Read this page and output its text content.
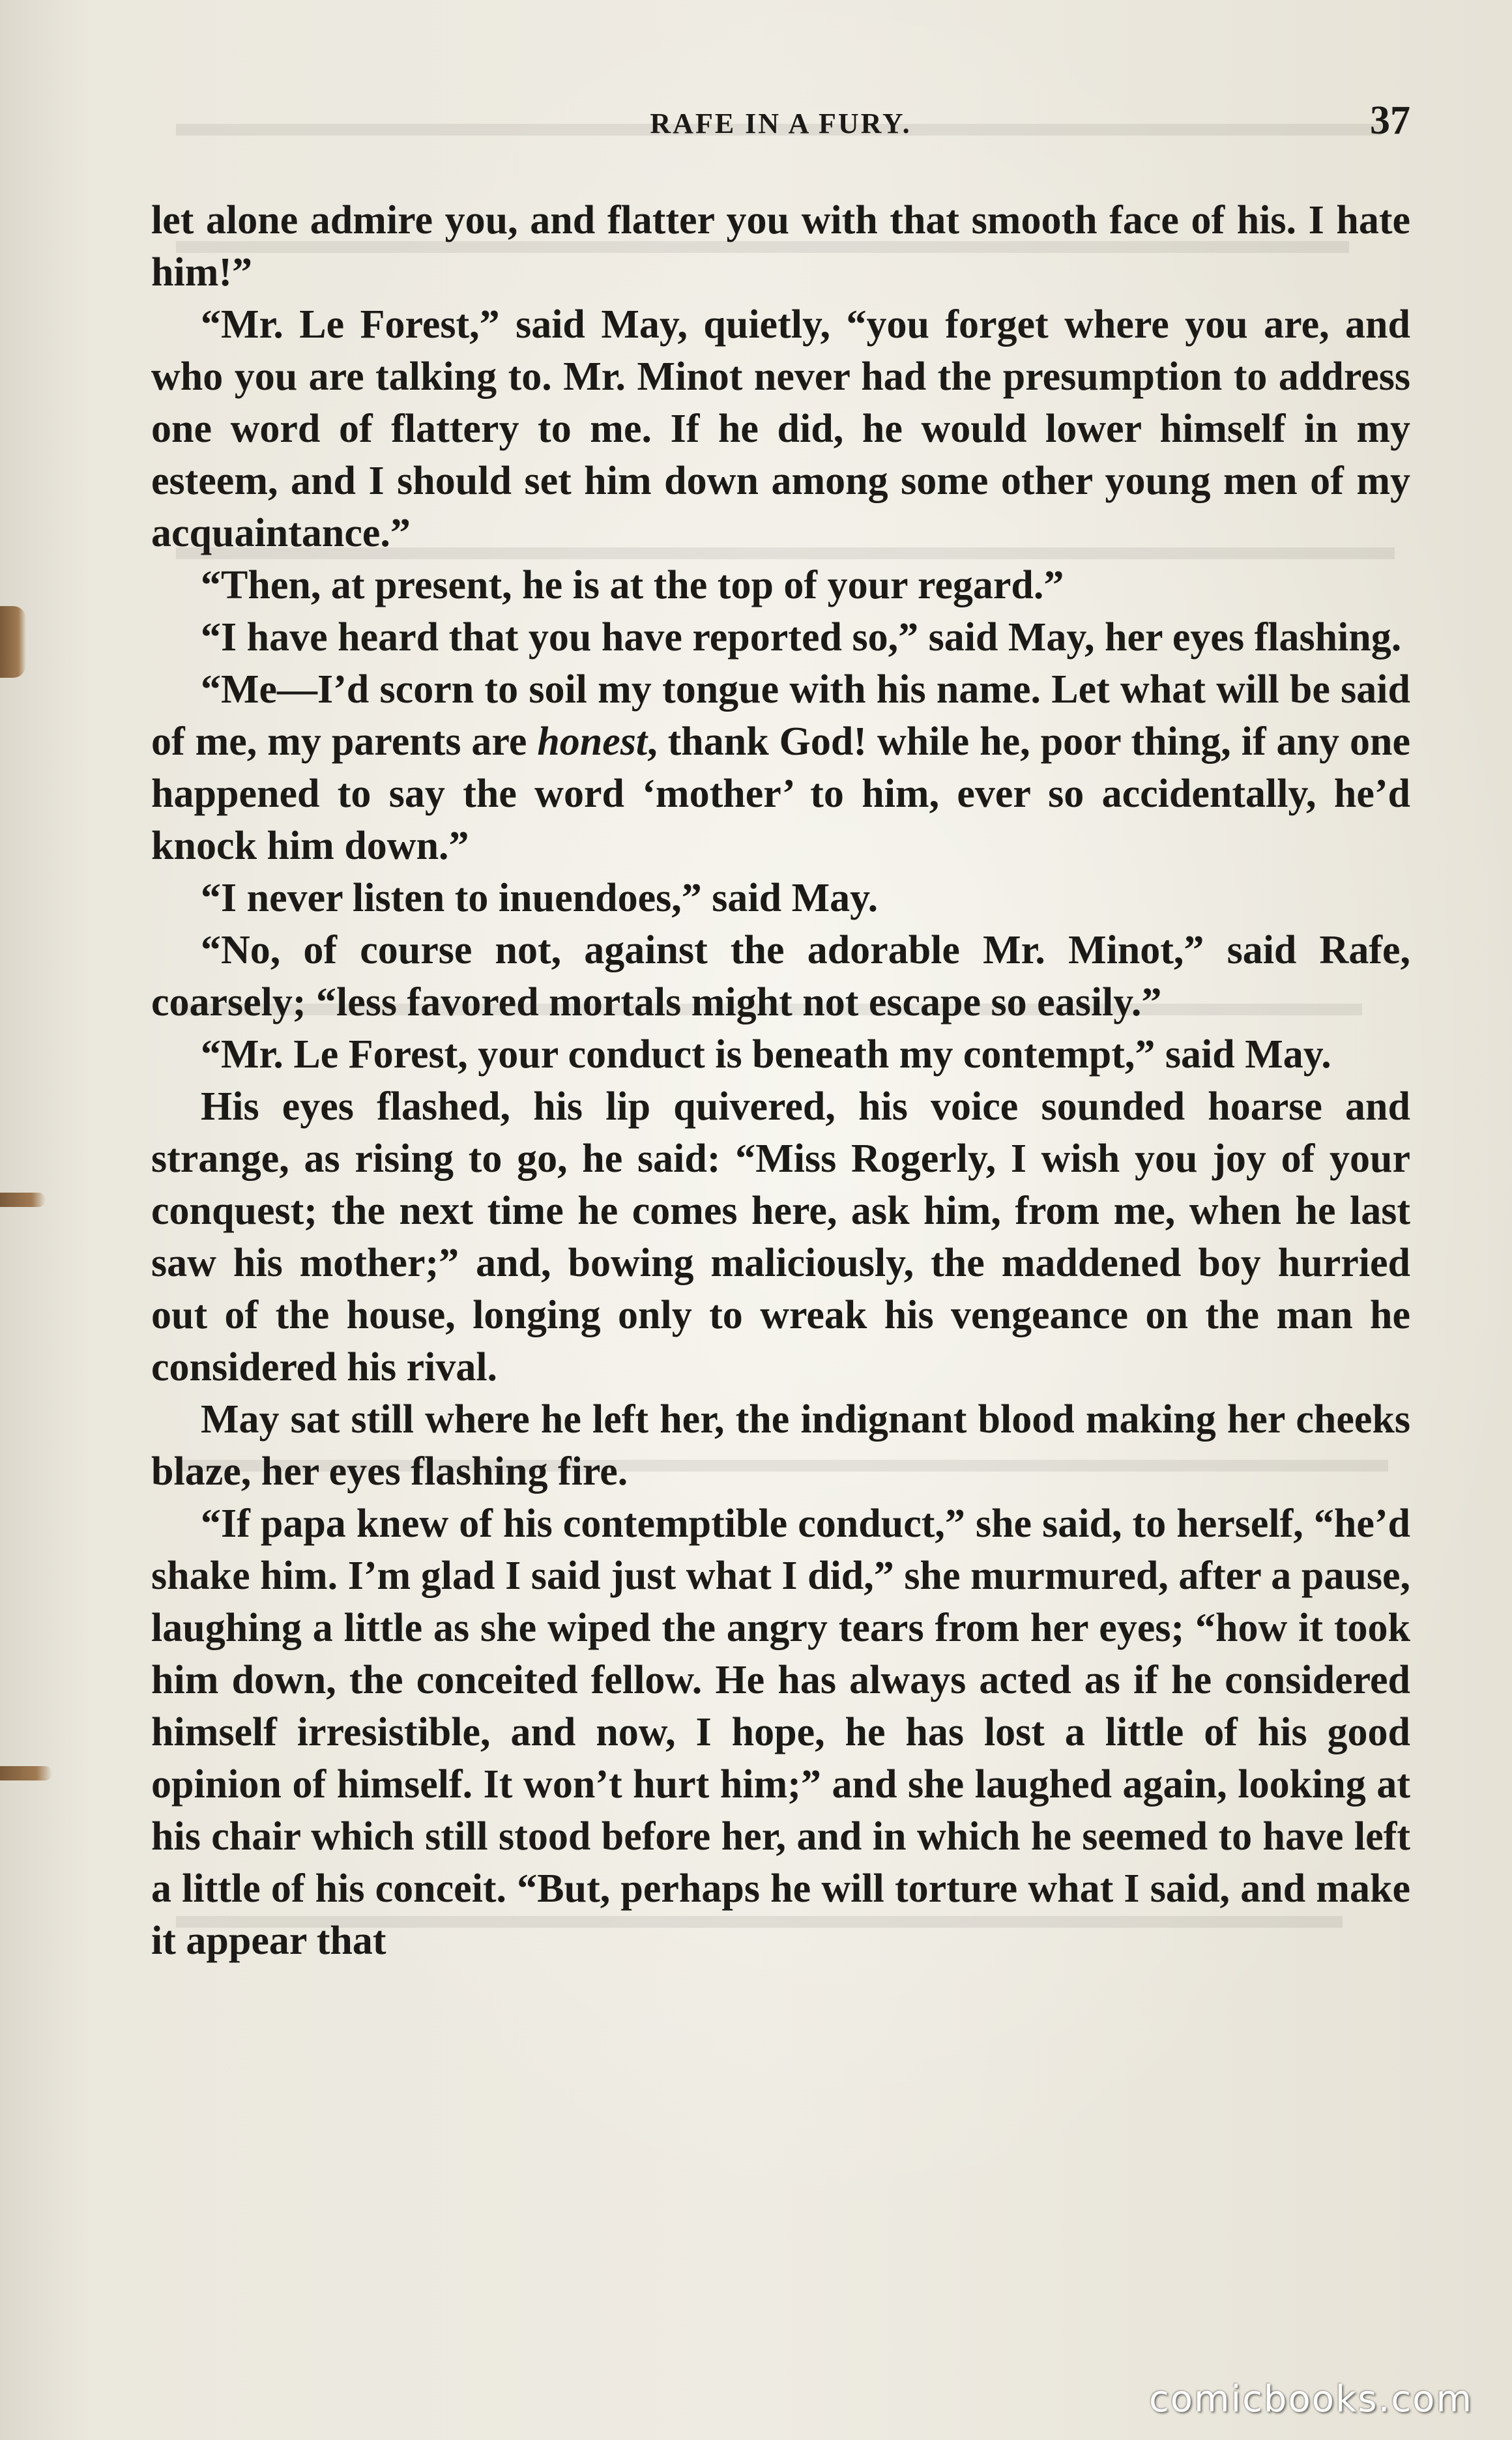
RAFE IN A FURY.	37

let alone admire you, and flatter you with that smooth face of his. I hate him!”

“Mr. Le Forest,” said May, quietly, “you forget where you are, and who you are talking to. Mr. Minot never had the presumption to address one word of flattery to me. If he did, he would lower himself in my esteem, and I should set him down among some other young men of my acquaintance.”

“Then, at present, he is at the top of your regard.”

“I have heard that you have reported so,” said May, her eyes flashing.

“Me—I’d scorn to soil my tongue with his name. Let what will be said of me, my parents are honest, thank God! while he, poor thing, if any one happened to say the word ‘mother’ to him, ever so accidentally, he’d knock him down.”

“I never listen to inuendoes,” said May.

“No, of course not, against the adorable Mr. Minot,” said Rafe, coarsely; “less favored mortals might not escape so easily.”

“Mr. Le Forest, your conduct is beneath my contempt,” said May.

His eyes flashed, his lip quivered, his voice sounded hoarse and strange, as rising to go, he said: “Miss Rogerly, I wish you joy of your conquest; the next time he comes here, ask him, from me, when he last saw his mother;” and, bowing maliciously, the maddened boy hurried out of the house, longing only to wreak his vengeance on the man he considered his rival.

May sat still where he left her, the indignant blood making her cheeks blaze, her eyes flashing fire.

“If papa knew of his contemptible conduct,” she said, to herself, “he’d shake him. I’m glad I said just what I did,” she murmured, after a pause, laughing a little as she wiped the angry tears from her eyes; “how it took him down, the conceited fellow. He has always acted as if he considered himself irresistible, and now, I hope, he has lost a little of his good opinion of himself. It won’t hurt him;” and she laughed again, looking at his chair which still stood before her, and in which he seemed to have left a little of his conceit. “But, perhaps he will torture what I said, and make it appear that

comicbooks.com
